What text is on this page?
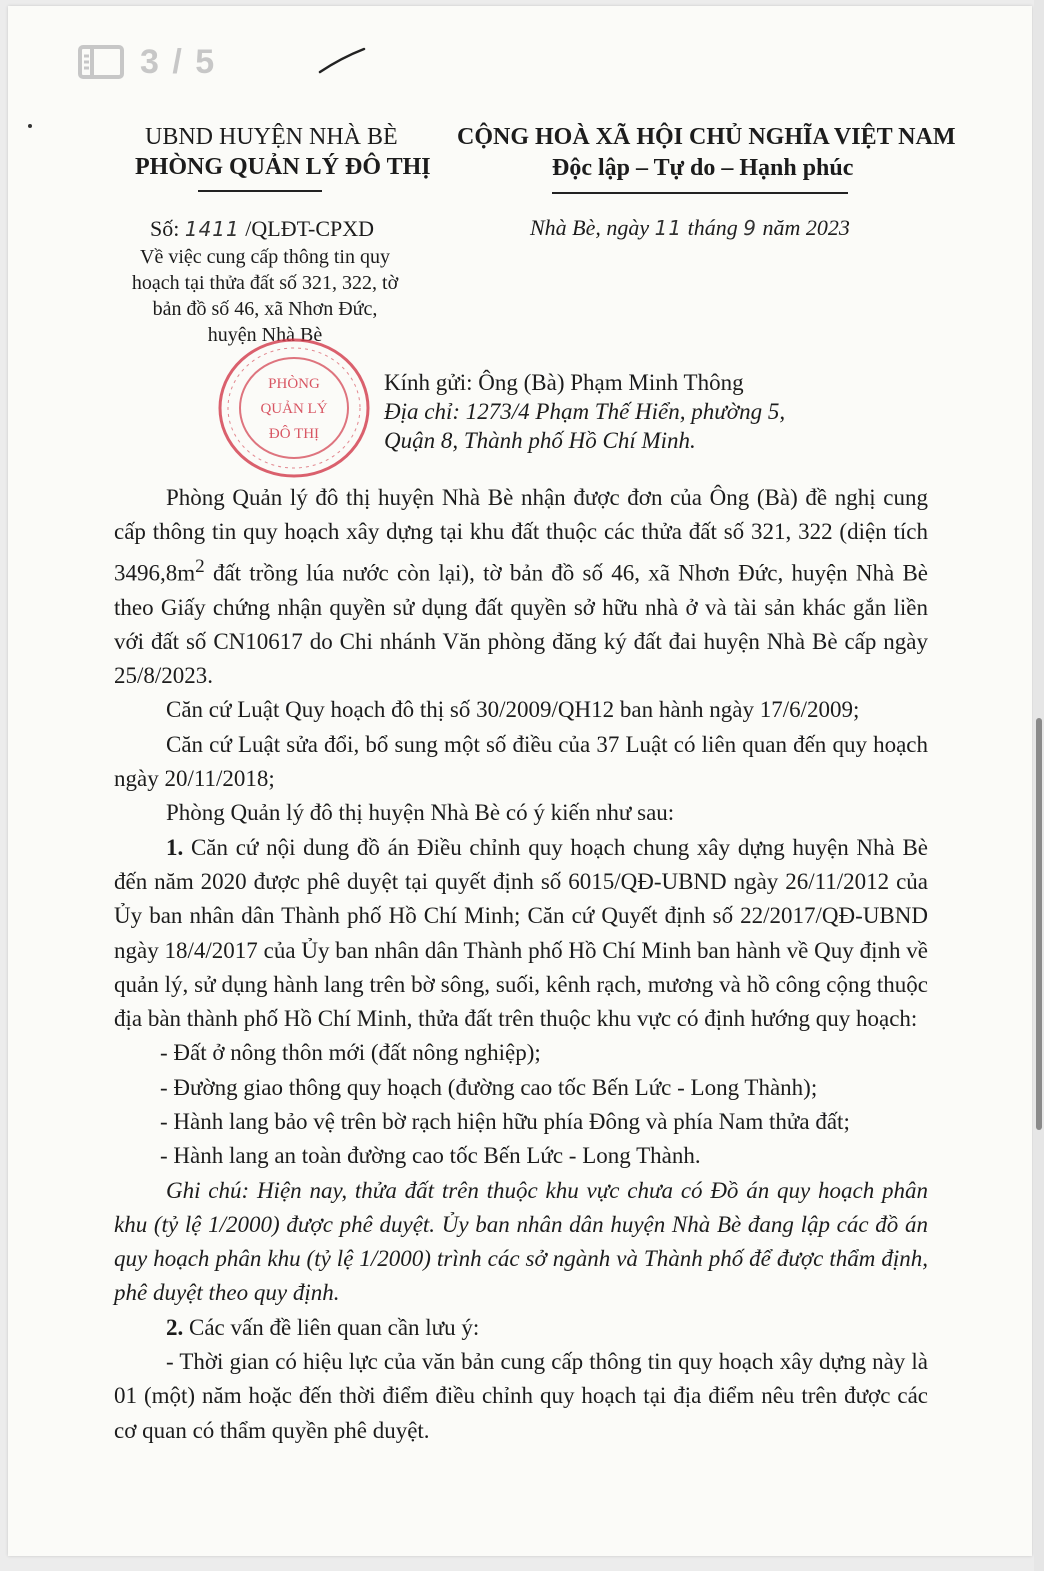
3 / 5
UBND HUYỆN NHÀ BÈ
PHÒNG QUẢN LÝ ĐÔ THỊ
CỘNG HOÀ XÃ HỘI CHỦ NGHĨA VIỆT NAM
Độc lập – Tự do – Hạnh phúc
Số: 1411 /QLĐT-CPXD	Nhà Bè, ngày 11 tháng 9 năm 2023
Về việc cung cấp thông tin quy
hoạch tại thửa đất số 321, 322, tờ
bản đồ số 46, xã Nhơn Đức,
huyện Nhà Bè
PHÒNG
QUẢN LÝ
ĐÔ THỊ
Kính gửi: Ông (Bà) Phạm Minh Thông
Địa chỉ: 1273/4 Phạm Thế Hiển, phường 5,
Quận 8, Thành phố Hồ Chí Minh.

Phòng Quản lý đô thị huyện Nhà Bè nhận được đơn của Ông (Bà) đề nghị cung cấp thông tin quy hoạch xây dựng tại khu đất thuộc các thửa đất số 321, 322 (diện tích $3496,8m^2$ đất trồng lúa nước còn lại), tờ bản đồ số 46, xã Nhơn Đức, huyện Nhà Bè theo Giấy chứng nhận quyền sử dụng đất quyền sở hữu nhà ở và tài sản khác gắn liền với đất số CN10617 do Chi nhánh Văn phòng đăng ký đất đai huyện Nhà Bè cấp ngày 25/8/2023.

Căn cứ Luật Quy hoạch đô thị số 30/2009/QH12 ban hành ngày 17/6/2009;

Căn cứ Luật sửa đổi, bổ sung một số điều của 37 Luật có liên quan đến quy hoạch ngày 20/11/2018;

Phòng Quản lý đô thị huyện Nhà Bè có ý kiến như sau:

1. Căn cứ nội dung đồ án Điều chỉnh quy hoạch chung xây dựng huyện Nhà Bè đến năm 2020 được phê duyệt tại quyết định số 6015/QĐ-UBND ngày 26/11/2012 của Ủy ban nhân dân Thành phố Hồ Chí Minh; Căn cứ Quyết định số 22/2017/QĐ-UBND ngày 18/4/2017 của Ủy ban nhân dân Thành phố Hồ Chí Minh ban hành về Quy định về quản lý, sử dụng hành lang trên bờ sông, suối, kênh rạch, mương và hồ công cộng thuộc địa bàn thành phố Hồ Chí Minh, thửa đất trên thuộc khu vực có định hướng quy hoạch:

- Đất ở nông thôn mới (đất nông nghiệp);

- Đường giao thông quy hoạch (đường cao tốc Bến Lức - Long Thành);

- Hành lang bảo vệ trên bờ rạch hiện hữu phía Đông và phía Nam thửa đất;

- Hành lang an toàn đường cao tốc Bến Lức - Long Thành.

Ghi chú: Hiện nay, thửa đất trên thuộc khu vực chưa có Đồ án quy hoạch phân khu (tỷ lệ 1/2000) được phê duyệt. Ủy ban nhân dân huyện Nhà Bè đang lập các đồ án quy hoạch phân khu (tỷ lệ 1/2000) trình các sở ngành và Thành phố để được thẩm định, phê duyệt theo quy định.

2. Các vấn đề liên quan cần lưu ý:

- Thời gian có hiệu lực của văn bản cung cấp thông tin quy hoạch xây dựng này là 01 (một) năm hoặc đến thời điểm điều chỉnh quy hoạch tại địa điểm nêu trên được các cơ quan có thẩm quyền phê duyệt.
